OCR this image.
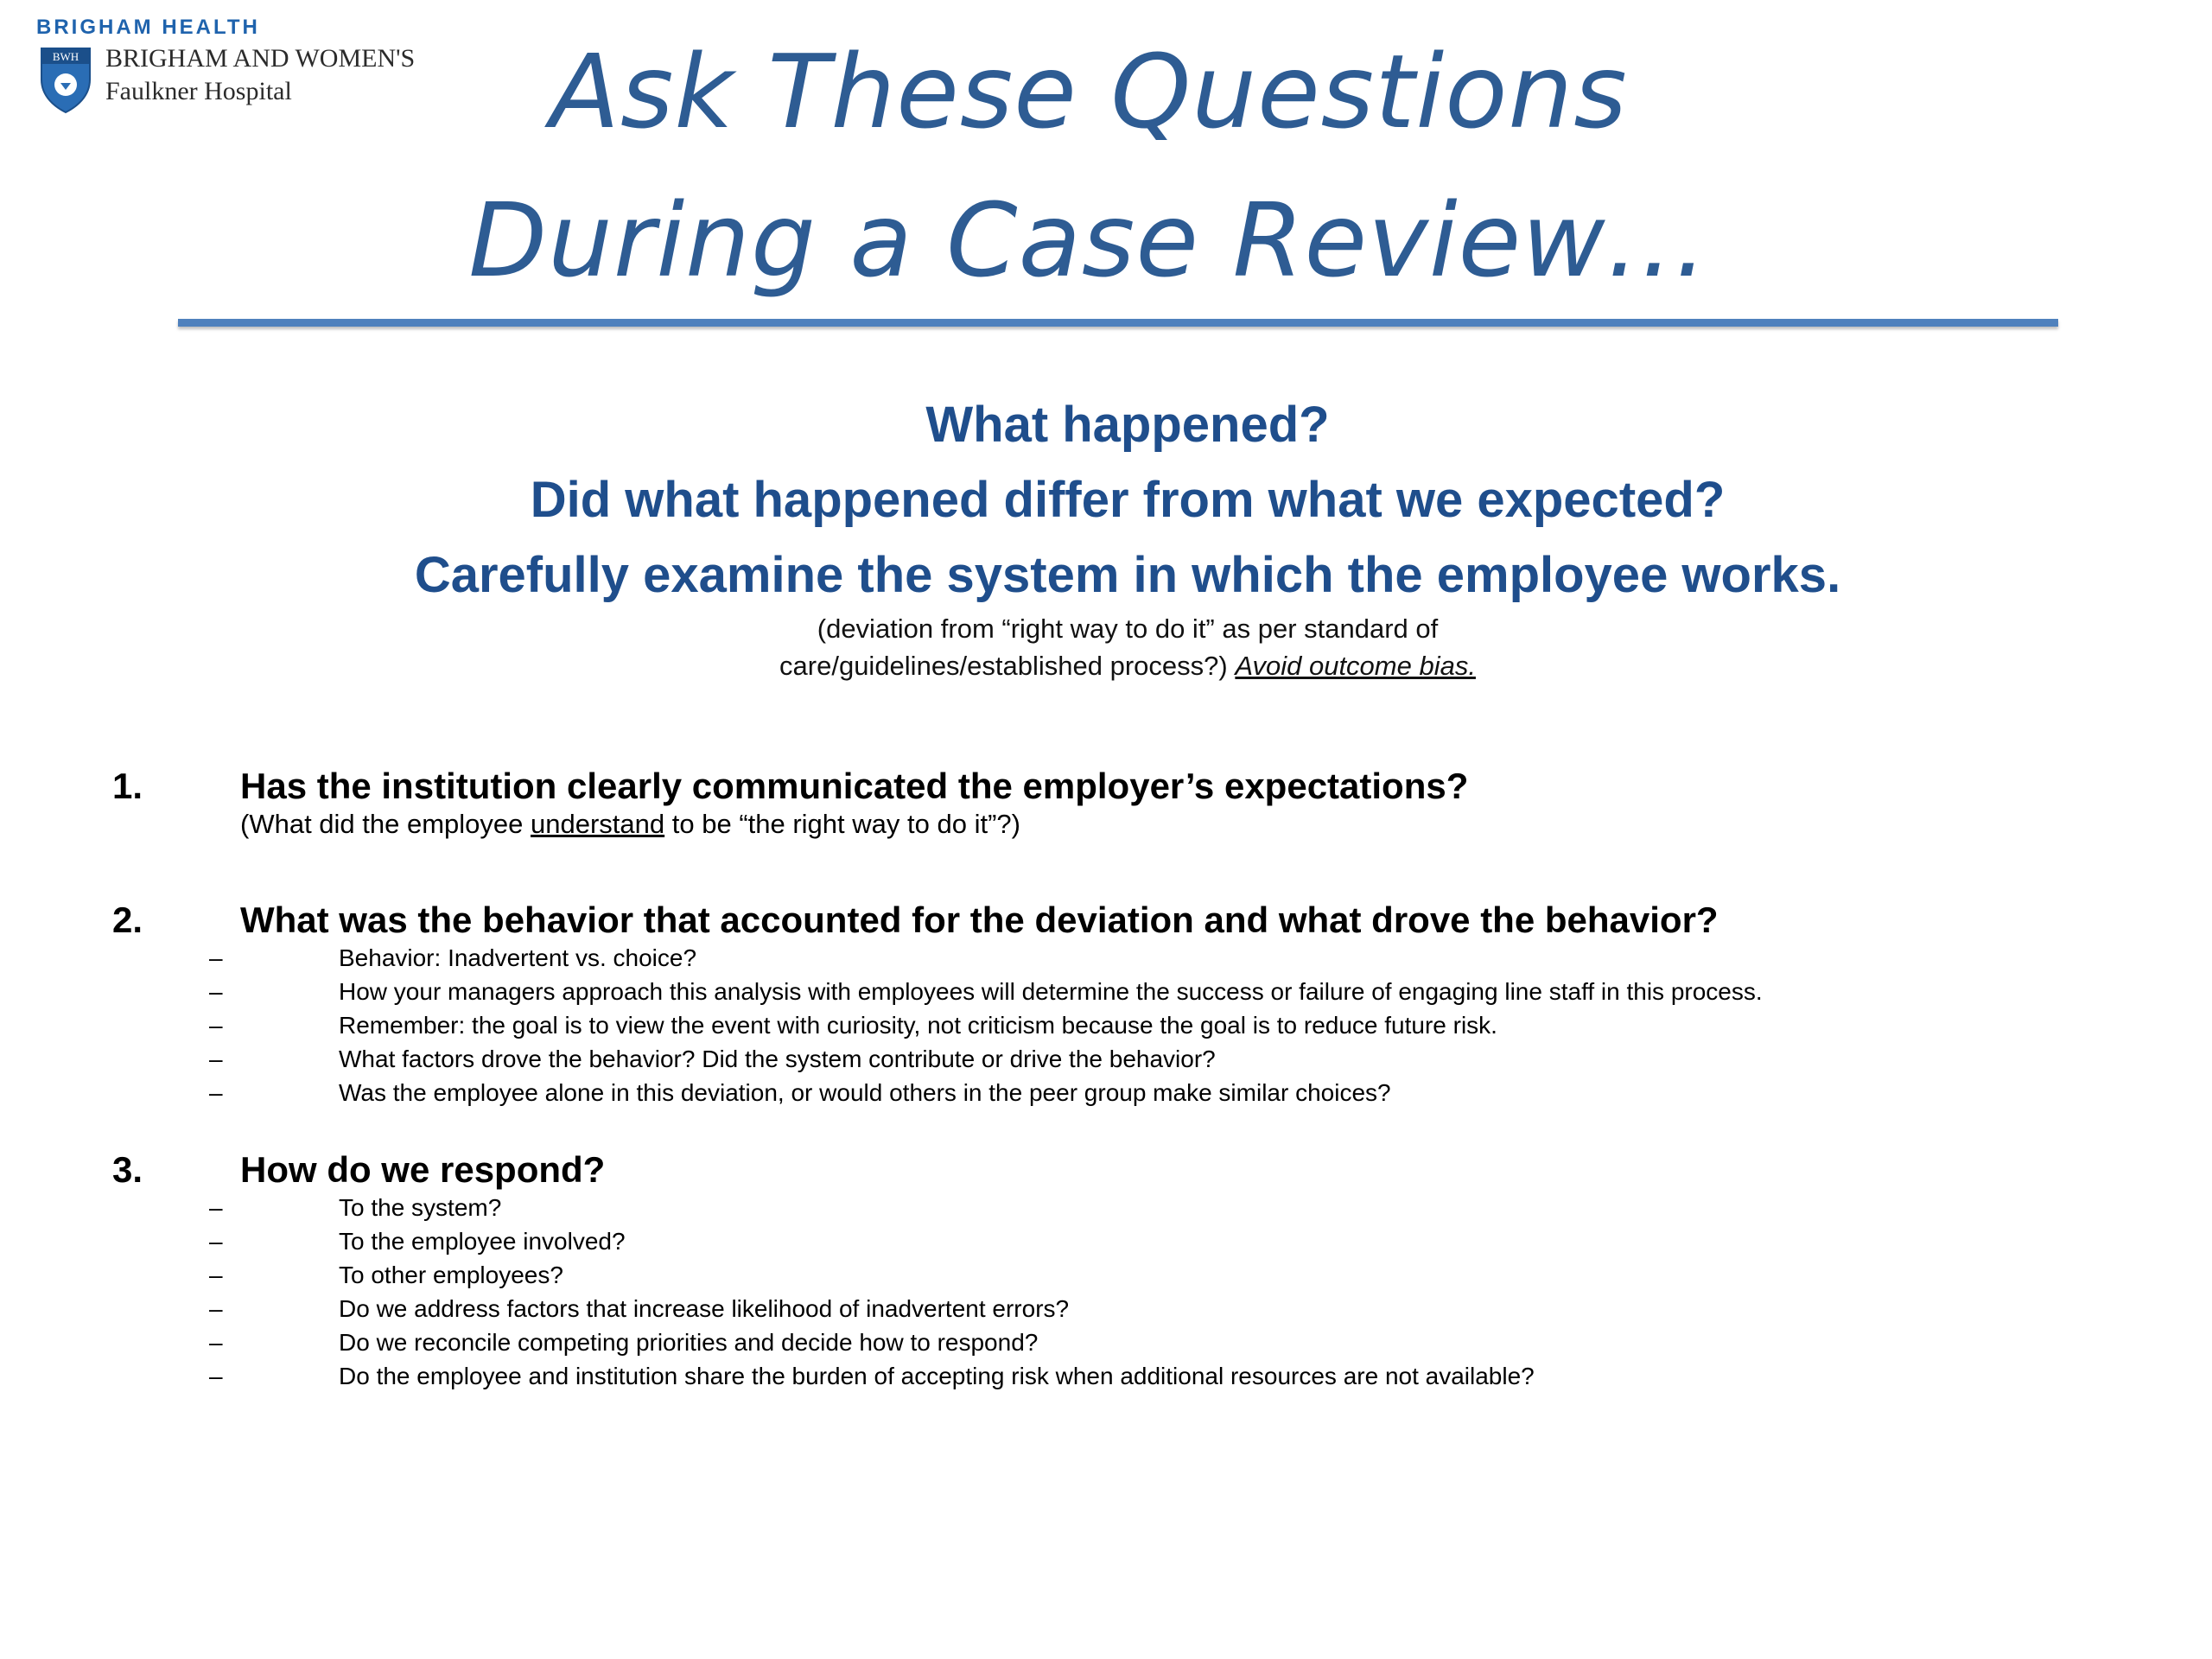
BRIGHAM HEALTH
BWH BRIGHAM AND WOMEN'S
Faulkner Hospital	Ask These Questions
During a Case Review…
What happened?
Did what happened differ from what we expected?
Carefully examine the system in which the employee works.
(deviation from “right way to do it” as per standard of
care/guidelines/established process?) Avoid outcome bias.
1.	Has the institution clearly communicated the employer’s expectations?
(What did the employee understand to be “the right way to do it”?)
2.	What was the behavior that accounted for the deviation and what drove the behavior?
–	Behavior: Inadvertent vs. choice?
–	How your managers approach this analysis with employees will determine the success or failure of engaging line staff in this process.
–	Remember: the goal is to view the event with curiosity, not criticism because the goal is to reduce future risk.
–	What factors drove the behavior? Did the system contribute or drive the behavior?
–	Was the employee alone in this deviation, or would others in the peer group make similar choices?
3.	How do we respond?
–	To the system?
–	To the employee involved?
–	To other employees?
–	Do we address factors that increase likelihood of inadvertent errors?
–	Do we reconcile competing priorities and decide how to respond?
–	Do the employee and institution share the burden of accepting risk when additional resources are not available?
